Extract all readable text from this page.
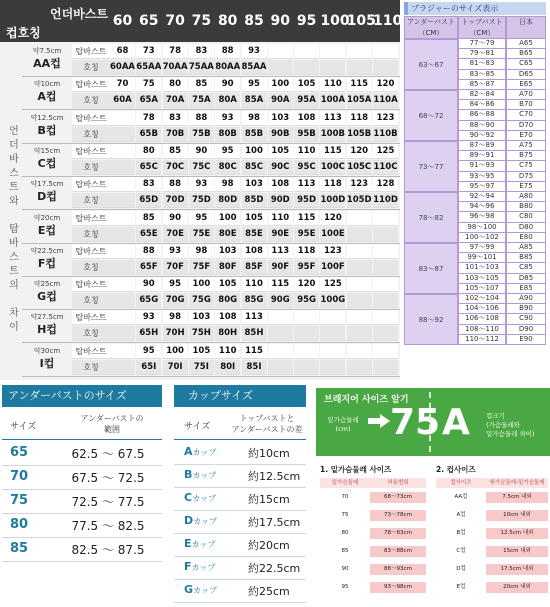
언더바스트
컵호칭
60 65 70 75 80 85 90 95 100
105
110
언
더
바
스
트
와
탑
바
스
트
의
차
이
약7.5cm
AA컵
탑바스트
호칭
68	73	78	83	88	93
60AA 65AA 70AA 75AA 80AA 85AA
약10cm
A컵
탑바스트
호칭
70	75	80	85	90	95	100	105	110	115	120
60A 65A 70A 75A 80A 85A 90A 95A 100A 105A 110A
약12.5cm
B컵
탑바스트
호칭
78	83	88	93	98	103	108	113	118	123
65B 70B 75B 80B 85B 90B 95B 100B 105B 110B
약15cm
C컵
탑바스트
호칭
80	85	90	95	100	105	110	115	120	125
65C 70C 75C 80C 85C 90C 95C 100C 105C 110C
약17.5cm
D컵
탑바스트
호칭
83	88	93	98	103	108	113	118	123	128
65D 70D 75D 80D 85D 90D 95D 100D 105D 110D
약20cm
E컵
탑바스트
호칭
85	90	95	100	105	110	115	120
65E	70E	75E	80E	85E	90E	95E 100E
약22.5cm
F컵
탑바스트
호칭
88	93	98	103	108	113	118	123
65F	70F	75F	80F	85F	90F	95F 100F
약25cm
G컵
탑바스트
호칭
90	95	100	105	110	115	120	125
65G 70G 75G 80G 85G 90G 95G 100G
약27.5cm
H컵
탑바스트
호칭
93	98	103	108	113
65H 70H 75H 80H 85H
약30cm
I컵
탑바스트
호칭
95	100	105	110	115
65I	70I	75I	80I	85I
ブラジャーのサイズ表示
アンダーバスト
（CM）
トップバスト
（CM）
日本
63〜67
77〜79	A65
79〜81	B65
81〜83	C65
83〜85	D65
85〜87	E65
68〜72
82〜84	A70
84〜86	B70
86〜88	C70
88〜90	D70
90〜92	E70
73〜77
87〜89	A75
89〜91	B75
91〜93	C75
93〜95	D75
95〜97	E75
78〜82
92〜94	A80
94〜96	B80
96〜98	C80
98〜100	D80
100〜102	E80
83〜87
97〜99	A85
99〜101	B85
101〜103	C85
103〜105	D85
105〜107	E85
88〜92
102〜104	A90
104〜106	B90
106〜108	C90
108〜110	D90
110〜112	E90
アンダーバストのサイズ
サイズ
アンダーバストの
範囲
65	62.5 〜 67.5
70	67.5 〜 72.5
75	72.5 〜 77.5
80	77.5 〜 82.5
85	82.5 〜 87.5
カップサイズ
サイズ
トップバストと
アンダーバストの差
Aカップ	約10cm
Bカップ	約12.5cm
Cカップ	約15cm
Dカップ	約17.5cm
Eカップ	約20cm
Fカップ	約22.5cm
Gカップ	約25cm
브래지어 사이즈 알기
밑가슴둘레
(cm)	75 A 컵크기
(가슴둘레와
밑가슴둘레 차이)
1. 밑가슴둘레 사이즈	2. 컵사이즈
밑가슴둘레	허용범위	컵사이즈	윗가슴둘레-밑가슴둘레
70	68〜73cm
75	73〜78cm
80	78〜83cm
85	83〜88cm
90	88〜93cm
95	93〜98cm
AA컵	7.5cm 내외
A컵	10cm 내외
B컵	12.5cm 내외
C컵	15cm 내외
D컵	17.5cm 내외
E컵	20cm 내외
